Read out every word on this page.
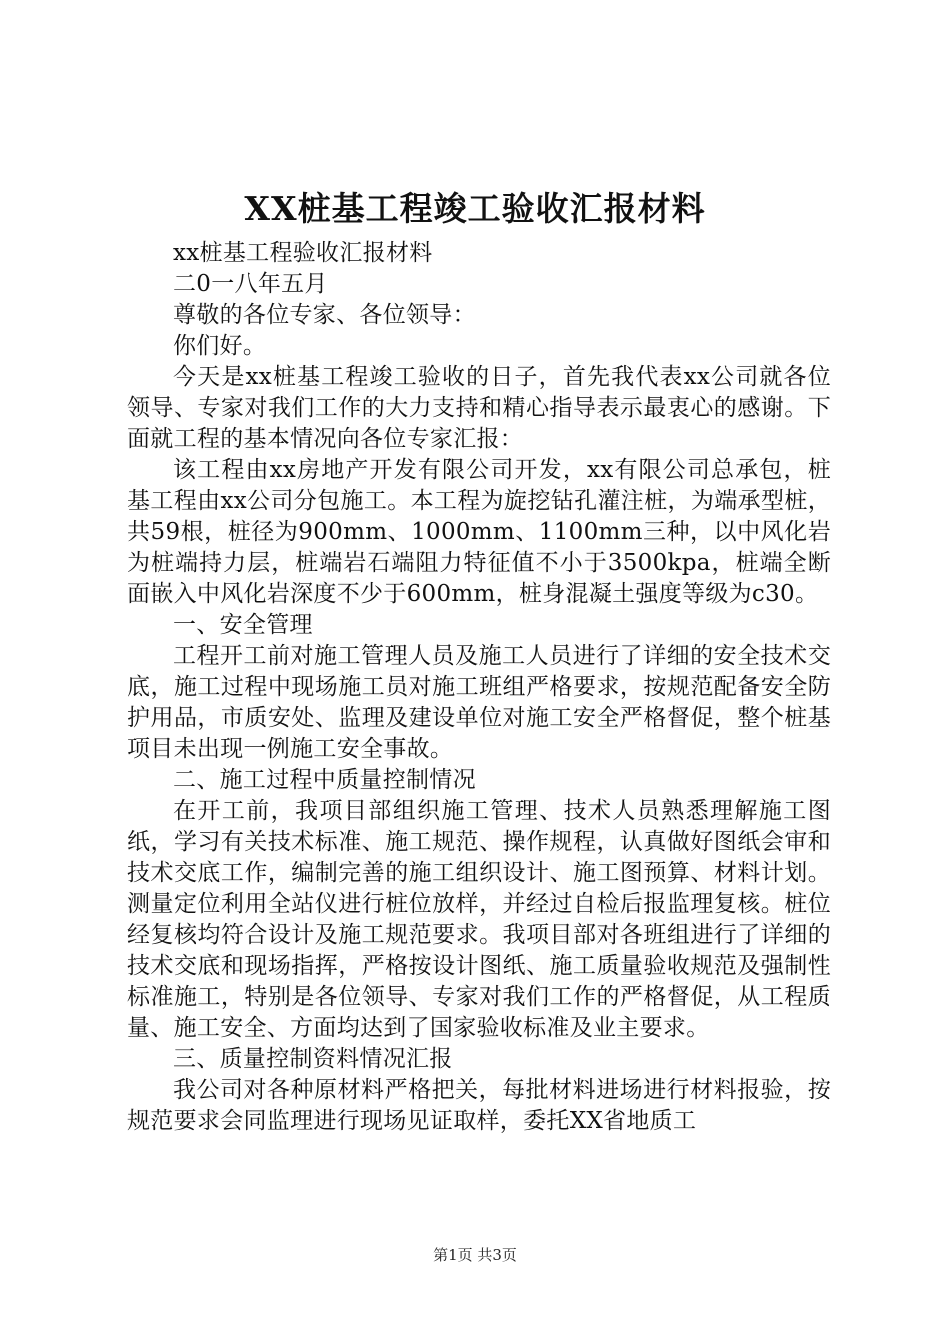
XX桩基工程竣工验收汇报材料

xx桩基工程验收汇报材料

二0一八年五月

尊敬的各位专家、各位领导：

你们好。

今天是xx桩基工程竣工验收的日子，首先我代表xx公司就各位领导、专家对我们工作的大力支持和精心指导表示最衷心的感谢。下面就工程的基本情况向各位专家汇报：

该工程由xx房地产开发有限公司开发，xx有限公司总承包，桩基工程由xx公司分包施工。本工程为旋挖钻孔灌注桩，为端承型桩，共59根，桩径为900mm、1000mm、1100mm三种，以中风化岩为桩端持力层，桩端岩石端阻力特征值不小于3500kpa，桩端全断面嵌入中风化岩深度不少于600mm，桩身混凝土强度等级为c30。

一、安全管理

工程开工前对施工管理人员及施工人员进行了详细的安全技术交底，施工过程中现场施工员对施工班组严格要求，按规范配备安全防护用品，市质安处、监理及建设单位对施工安全严格督促，整个桩基项目未出现一例施工安全事故。

二、施工过程中质量控制情况

在开工前，我项目部组织施工管理、技术人员熟悉理解施工图纸，学习有关技术标准、施工规范、操作规程，认真做好图纸会审和技术交底工作，编制完善的施工组织设计、施工图预算、材料计划。测量定位利用全站仪进行桩位放样，并经过自检后报监理复核。桩位经复核均符合设计及施工规范要求。我项目部对各班组进行了详细的技术交底和现场指挥，严格按设计图纸、施工质量验收规范及强制性标准施工，特别是各位领导、专家对我们工作的严格督促，从工程质量、施工安全、方面均达到了国家验收标准及业主要求。

三、质量控制资料情况汇报

我公司对各种原材料严格把关，每批材料进场进行材料报验，按规范要求会同监理进行现场见证取样，委托XX省地质工

第1页 共3页
